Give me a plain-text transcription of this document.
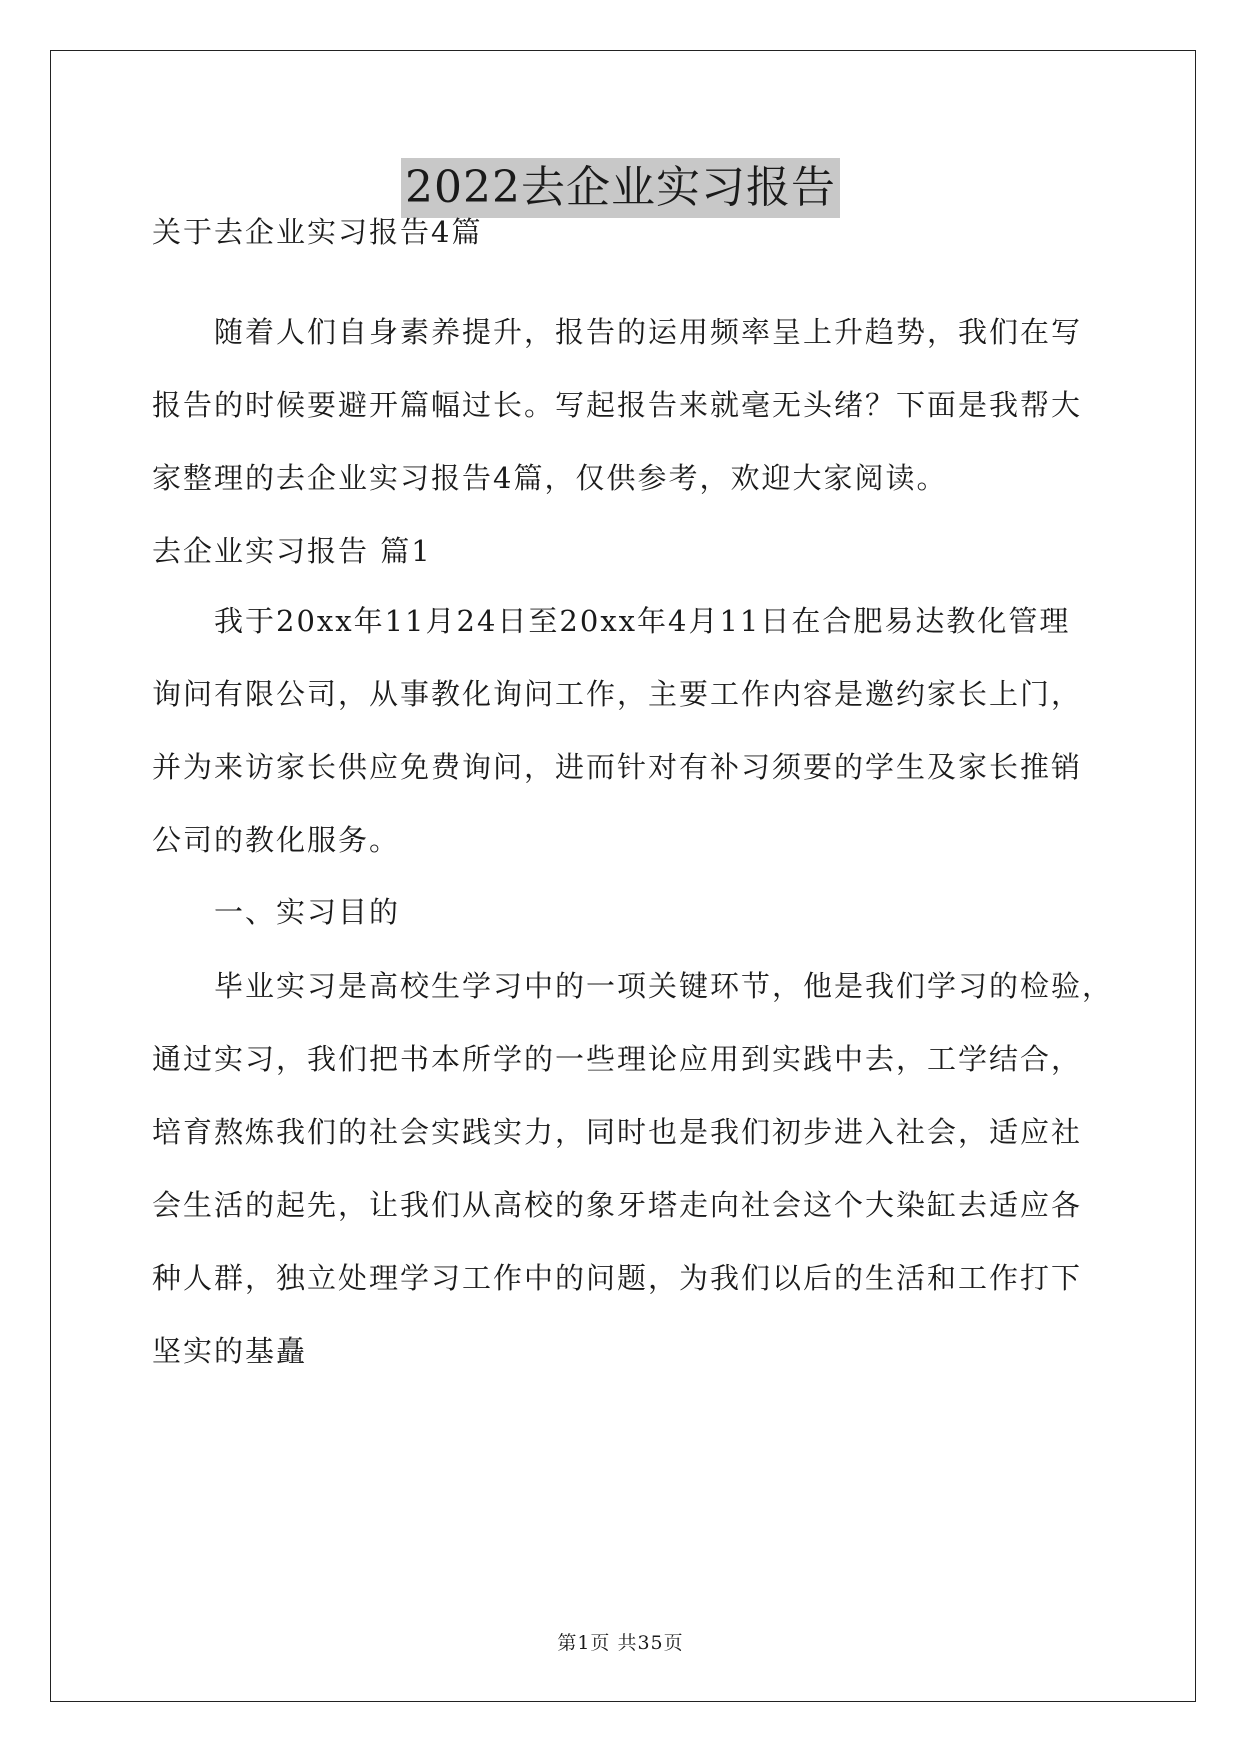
2022去企业实习报告
关于去企业实习报告4篇
随着人们自身素养提升，报告的运用频率呈上升趋势，我们在写
报告的时候要避开篇幅过长。写起报告来就毫无头绪？下面是我帮大
家整理的去企业实习报告4篇，仅供参考，欢迎大家阅读。
去企业实习报告 篇1
我于20xx年11月24日至20xx年4月11日在合肥易达教化管理
询问有限公司，从事教化询问工作，主要工作内容是邀约家长上门，
并为来访家长供应免费询问，进而针对有补习须要的学生及家长推销
公司的教化服务。
一、实习目的
毕业实习是高校生学习中的一项关键环节，他是我们学习的检验，
通过实习，我们把书本所学的一些理论应用到实践中去，工学结合，
培育熬炼我们的社会实践实力，同时也是我们初步进入社会，适应社
会生活的起先，让我们从高校的象牙塔走向社会这个大染缸去适应各
种人群，独立处理学习工作中的问题，为我们以后的生活和工作打下
坚实的基矗
第1页 共35页
